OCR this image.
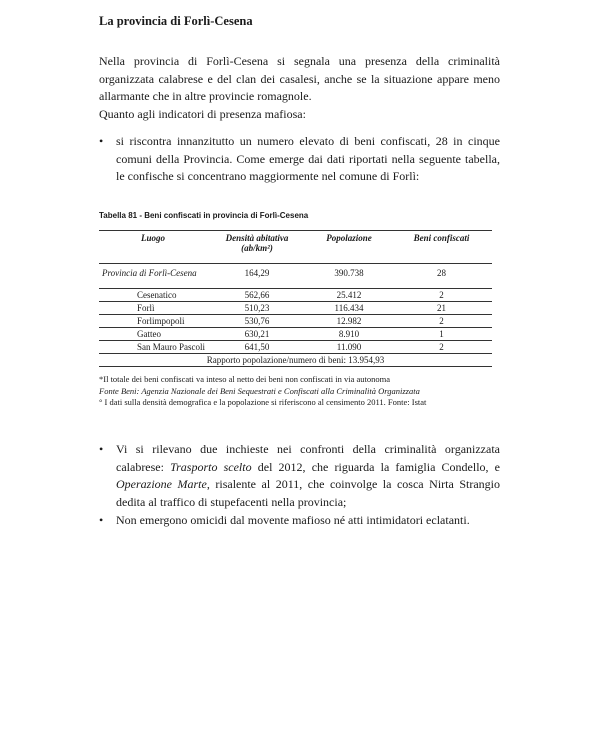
La provincia di Forlì-Cesena

Nella provincia di Forlì-Cesena si segnala una presenza della criminalità organizzata calabrese e del clan dei casalesi, anche se la situazione appare meno allarmante che in altre provincie romagnole.

Quanto agli indicatori di presenza mafiosa:

• si riscontra innanzitutto un numero elevato di beni confiscati, 28 in cinque comuni della Provincia. Come emerge dai dati riportati nella seguente tabella, le confische si concentrano maggiormente nel comune di Forlì:

Tabella 81 - Beni confiscati in provincia di Forlì-Cesena

Luogo	Densità abitativa (ab/km²)	Popolazione	Beni confiscati
Provincia di Forlì-Cesena	164,29	390.738	28
Cesenatico	562,66	25.412	2
Forlì	510,23	116.434	21
Forlimpopoli	530,76	12.982	2
Gatteo	630,21	8.910	1
San Mauro Pascoli	641,50	11.090	2
Rapporto popolazione/numero di beni: 13.954,93			

*Il totale dei beni confiscati va inteso al netto dei beni non confiscati in via autonoma

Fonte Beni: Agenzia Nazionale dei Beni Sequestrati e Confiscati alla Criminalità Organizzata

° I dati sulla densità demografica e la popolazione si riferiscono al censimento 2011. Fonte: Istat

• Vi si rilevano due inchieste nei confronti della criminalità organizzata calabrese: Trasporto scelto del 2012, che riguarda la famiglia Condello, e Operazione Marte, risalente al 2011, che coinvolge la cosca Nirta Strangio dedita al traffico di stupefacenti nella provincia;
• Non emergono omicidi dal movente mafioso né atti intimidatori eclatanti.
